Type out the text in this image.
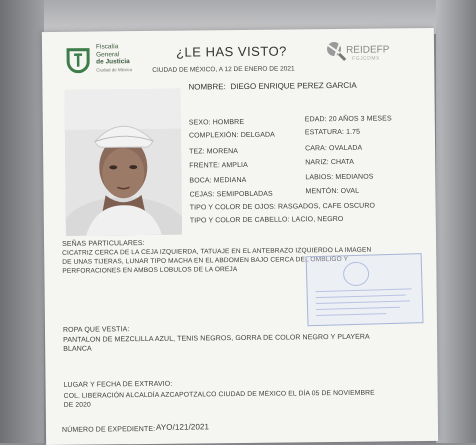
Fiscalía
General
de Justicia
Ciudad de México
¿LE HAS VISTO?
CIUDAD DE MÉXICO, A 12 DE ENERO DE 2021
REIDEFP
FGJCDMX
NOMBRE: DIEGO ENRIQUE PEREZ GARCIA
SEXO: HOMBRE	EDAD: 20 AÑOS 3 MESES
COMPLEXIÓN: DELGADA	ESTATURA: 1.75
TEZ: MORENA	CARA: OVALADA
FRENTE: AMPLIA	NARIZ: CHATA
BOCA: MEDIANA	LABIOS: MEDIANOS
CEJAS: SEMIPOBLADAS	MENTÓN: OVAL
TIPO Y COLOR DE OJOS: RASGADOS, CAFE OSCURO
TIPO Y COLOR DE CABELLO: LACIO, NEGRO
SEÑAS PARTICULARES:
CICATRIZ CERCA DE LA CEJA IZQUIERDA, TATUAJE EN EL ANTEBRAZO IZQUIERDO LA IMAGEN
DE UNAS TIJERAS, LUNAR TIPO MACHA EN EL ABDOMEN BAJO CERCA DEL OMBLIGO Y
PERFORACIONES EN AMBOS LOBULOS DE LA OREJA
ROPA QUE VESTIA:
PANTALON DE MEZCLILLA AZUL, TENIS NEGROS, GORRA DE COLOR NEGRO Y PLAYERA
BLANCA
LUGAR Y FECHA DE EXTRAVIO:
COL. LIBERACIÓN ALCALDÍA AZCAPOTZALCO CIUDAD DE MÉXICO EL DÍA 05 DE NOVIEMBRE
DE 2020
NÚMERO DE EXPEDIENTE: AYO/121/2021
